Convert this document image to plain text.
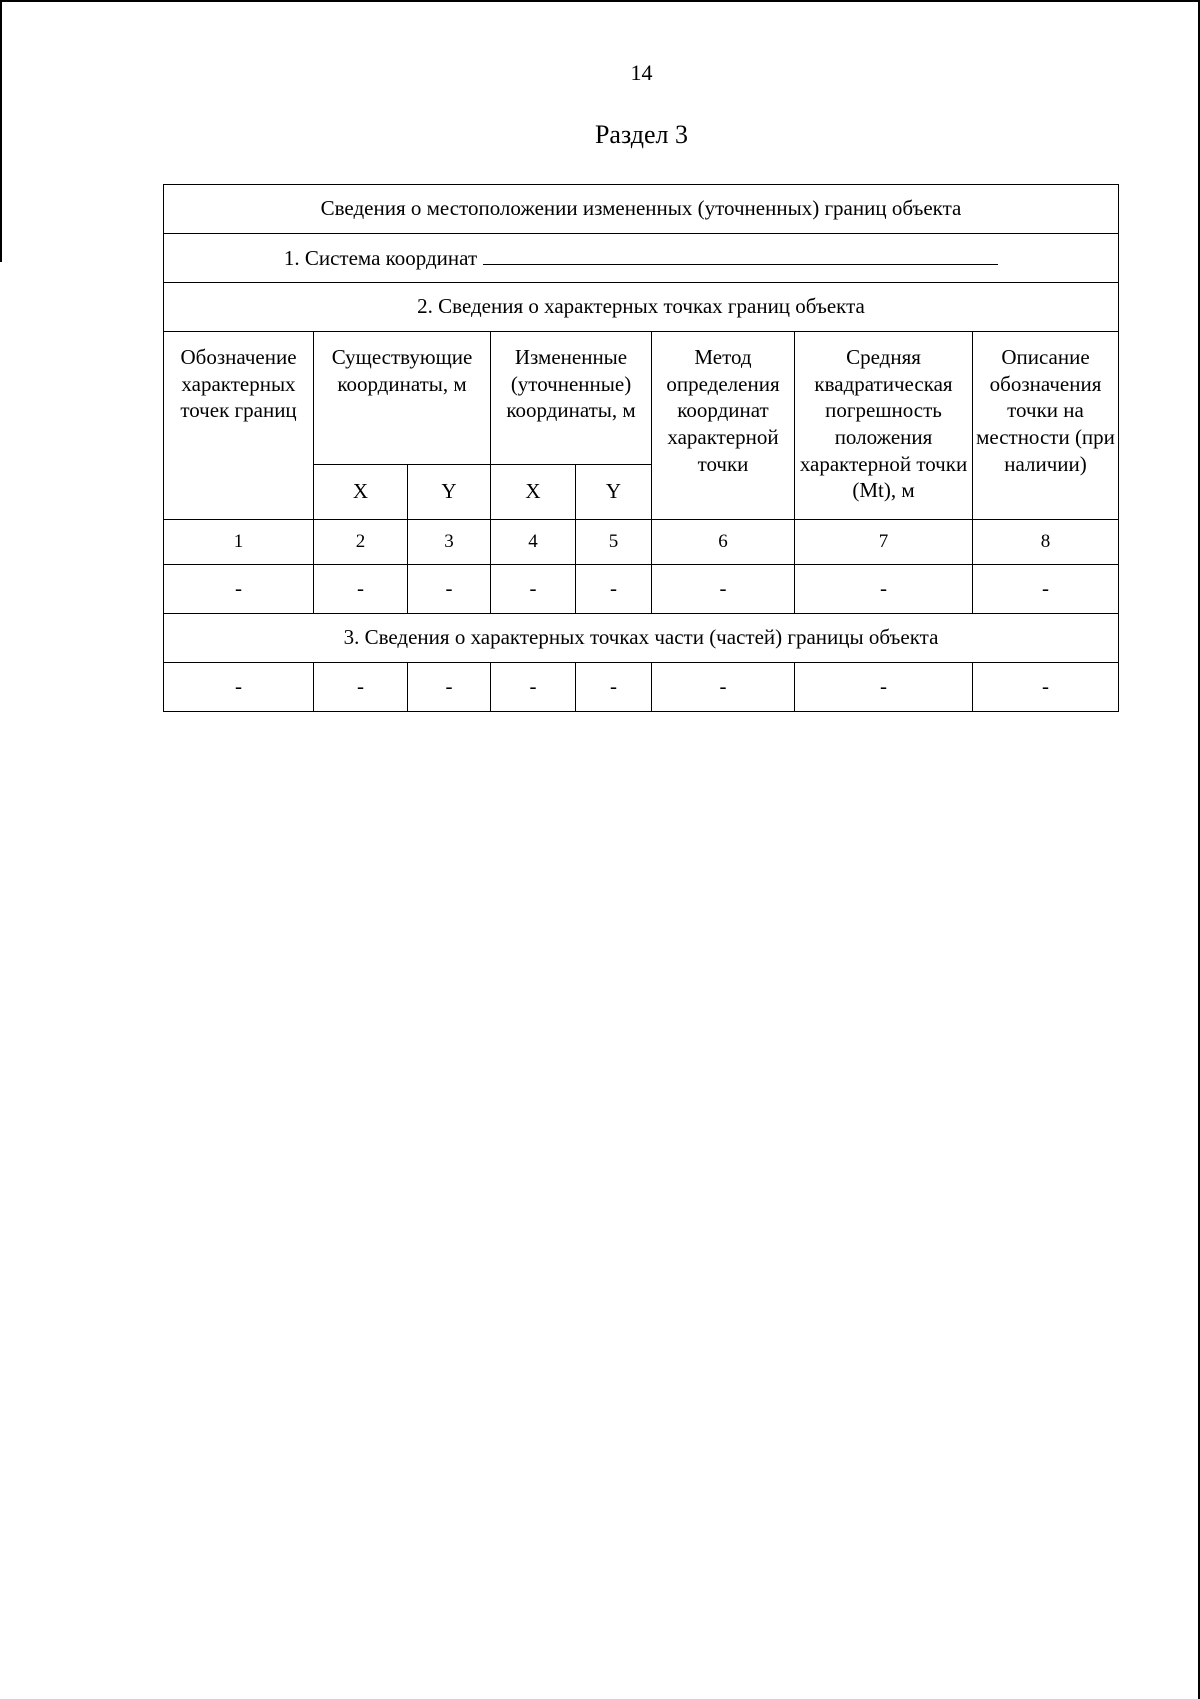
14
Раздел 3
Сведения о местоположении измененных (уточненных) границ объекта							
1. Система координат							
2. Сведения о характерных точках границ объекта							
Обозначение характерных точек границ	Существующие координаты, м		Измененные (уточненные) координаты, м		Метод определения координат характерной точки	Средняя квадратическая погрешность положения характерной точки (Mt), м	Описание обозначения точки на местности (при наличии)
	X	Y	X	Y			
1	2	3	4	5	6	7	8
-	-	-	-	-	-	-	-
3. Сведения о характерных точках части (частей) границы объекта							
-	-	-	-	-	-	-	-
